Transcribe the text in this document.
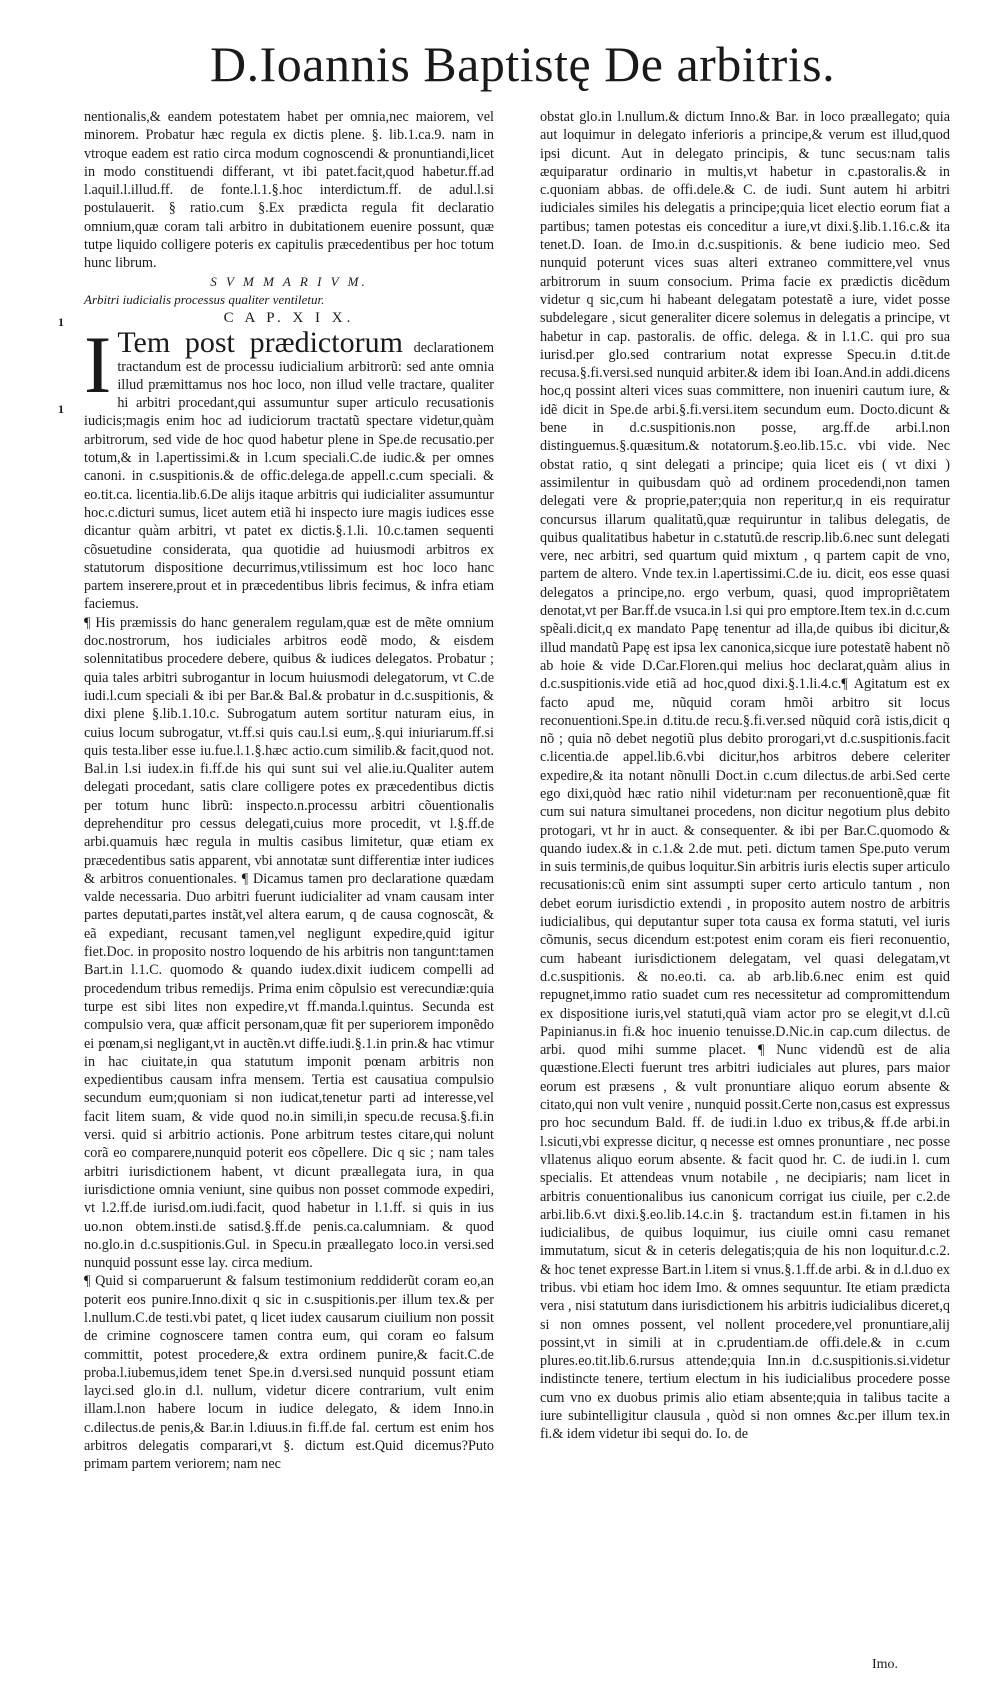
D.Ioannis Baptistę De arbitris.
1
1

nentionalis,& eandem potestatem habet per omnia,nec maiorem, vel minorem. Probatur hæc regula ex dictis plene. §. lib.1.ca.9. nam in vtroque eadem est ratio circa modum cognoscendi & pronuntiandi,licet in modo constituendi differant, vt ibi patet.facit,quod habetur.ff.ad l.aquil.l.illud.ff. de fonte.l.1.§.hoc interdictum.ff. de adul.l.si postulauerit. § ratio.cum §.Ex prædicta regula fit declaratio omnium,quæ coram tali arbitro in dubitationem euenire possunt, quæ tutpe liquido colligere poteris ex capitulis præcedentibus per hoc totum hunc librum.

S V M M A R I V M.

Arbitri iudicialis processus qualiter ventiletur.

C A P. X I X.

I Tem post prædictorum declarationem tractandum est de processu iudicialium arbitrorũ: sed ante omnia illud præmittamus nos hoc loco, non illud velle tractare, qualiter hi arbitri procedant,qui assumuntur super articulo recusationis iudicis;magis enim hoc ad iudiciorum tractatũ spectare videtur,quàm arbitrorum, sed vide de hoc quod habetur plene in Spe.de recusatio.per totum,& in l.apertissimi.& in l.cum speciali.C.de iudic.& per omnes canoni. in c.suspitionis.& de offic.delega.de appell.c.cum speciali. & eo.tit.ca. licentia.lib.6.De alijs itaque arbitris qui iudicialiter assumuntur hoc.c.dicturi sumus, licet autem etiã hi inspecto iure magis iudices esse dicantur quàm arbitri, vt patet ex dictis.§.1.li. 10.c.tamen sequenti cõsuetudine considerata, qua quotidie ad huiusmodi arbitros ex statutorum dispositione decurrimus,vtilissimum est hoc loco hanc partem inserere,prout et in præcedentibus libris fecimus, & infra etiam faciemus.

¶ His præmissis do hanc generalem regulam,quæ est de mẽte omnium doc.nostrorum, hos iudiciales arbitros eodẽ modo, & eisdem solennitatibus procedere debere, quibus & iudices delegatos. Probatur ; quia tales arbitri subrogantur in locum huiusmodi delegatorum, vt C.de iudi.l.cum speciali & ibi per Bar.& Bal.& probatur in d.c.suspitionis, & dixi plene §.lib.1.10.c. Subrogatum autem sortitur naturam eius, in cuius locum subrogatur, vt.ff.si quis cau.l.si eum,.§.qui iniuriarum.ff.si quis testa.liber esse iu.fue.l.1.§.hæc actio.cum similib.& facit,quod not. Bal.in l.si iudex.in fi.ff.de his qui sunt sui vel alie.iu.Qualiter autem delegati procedant, satis clare colligere potes ex præcedentibus dictis per totum hunc librũ: inspecto.n.processu arbitri cõuentionalis deprehenditur pro cessus delegati,cuius more procedit, vt l.§.ff.de arbi.quamuis hæc regula in multis casibus limitetur, quæ etiam ex præcedentibus satis apparent, vbi annotatæ sunt differentiæ inter iudices & arbitros conuentionales. ¶ Dicamus tamen pro declaratione quædam valde necessaria. Duo arbitri fuerunt iudicialiter ad vnam causam inter partes deputati,partes instãt,vel altera earum, q de causa cognoscãt, & eã expediant, recusant tamen,vel negligunt expedire,quid igitur fiet.Doc. in proposito nostro loquendo de his arbitris non tangunt:tamen Bart.in l.1.C. quomodo & quando iudex.dixit iudicem compelli ad procedendum tribus remedijs. Prima enim cõpulsio est verecundiæ:quia turpe est sibi lites non expedire,vt ff.manda.l.quintus. Secunda est compulsio vera, quæ afficit personam,quæ fit per superiorem imponẽdo ei pœnam,si negligant,vt in auctẽn.vt diffe.iudi.§.1.in prin.& hac vtimur in hac ciuitate,in qua statutum imponit pœnam arbitris non expedientibus causam infra mensem. Tertia est causatiua compulsio secundum eum;quoniam si non iudicat,tenetur parti ad interesse,vel facit litem suam, & vide quod no.in simili,in specu.de recusa.§.fi.in versi. quid si arbitrio actionis. Pone arbitrum testes citare,qui nolunt corã eo comparere,nunquid poterit eos cõpellere. Dic q sic ; nam tales arbitri iurisdictionem habent, vt dicunt præallegata iura, in qua iurisdictione omnia veniunt, sine quibus non posset commode expediri, vt l.2.ff.de iurisd.om.iudi.facit, quod habetur in l.1.ff. si quis in ius uo.non obtem.insti.de satisd.§.ff.de penis.ca.calumniam. & quod no.glo.in d.c.suspitionis.Gul. in Specu.in præallegato loco.in versi.sed nunquid possunt esse lay. circa medium.

¶ Quid si comparuerunt & falsum testimonium reddiderũt coram eo,an poterit eos punire.Inno.dixit q sic in c.suspitionis.per illum tex.& per l.nullum.C.de testi.vbi patet, q licet iudex causarum ciuilium non possit de crimine cognoscere tamen contra eum, qui coram eo falsum committit, potest procedere,& extra ordinem punire,& facit.C.de proba.l.iubemus,idem tenet Spe.in d.versi.sed nunquid possunt etiam layci.sed glo.in d.l. nullum, videtur dicere contrarium, vult enim illam.l.non habere locum in iudice delegato, & idem Inno.in c.dilectus.de penis,& Bar.in l.diuus.in fi.ff.de fal. certum est enim hos arbitros delegatis comparari,vt §. dictum est.Quid dicemus?Puto primam partem veriorem; nam nec

obstat glo.in l.nullum.& dictum Inno.& Bar. in loco præallegato; quia aut loquimur in delegato inferioris a principe,& verum est illud,quod ipsi dicunt. Aut in delegato principis, & tunc secus:nam talis æquiparatur ordinario in multis,vt habetur in c.pastoralis.& in c.quoniam abbas. de offi.dele.& C. de iudi. Sunt autem hi arbitri iudiciales similes his delegatis a principe;quia licet electio eorum fiat a partibus; tamen potestas eis conceditur a iure,vt dixi.§.lib.1.16.c.& ita tenet.D. Ioan. de Imo.in d.c.suspitionis. & bene iudicio meo. Sed nunquid poterunt vices suas alteri extraneo committere,vel vnus arbitrorum in suum consocium. Prima facie ex prædictis dicẽdum videtur q sic,cum hi habeant delegatam potestatẽ a iure, videt posse subdelegare , sicut generaliter dicere solemus in delegatis a principe, vt habetur in cap. pastoralis. de offic. delega. & in l.1.C. qui pro sua iurisd.per glo.sed contrarium notat expresse Specu.in d.tit.de recusa.§.fi.versi.sed nunquid arbiter.& idem ibi Ioan.And.in addi.dicens hoc,q possint alteri vices suas committere, non inueniri cautum iure, & idẽ dicit in Spe.de arbi.§.fi.versi.item secundum eum. Docto.dicunt & bene in d.c.suspitionis.non posse, arg.ff.de arbi.l.non distinguemus.§.quæsitum.& notatorum.§.eo.lib.15.c. vbi vide. Nec obstat ratio, q sint delegati a principe; quia licet eis ( vt dixi ) assimilentur in quibusdam quò ad ordinem procedendi,non tamen delegati vere & proprie,pater;quia non reperitur,q in eis requiratur concursus illarum qualitatũ,quæ requiruntur in talibus delegatis, de quibus qualitatibus habetur in c.statutũ.de rescrip.lib.6.nec sunt delegati vere, nec arbitri, sed quartum quid mixtum , q partem capit de vno, partem de altero. Vnde tex.in l.apertissimi.C.de iu. dicit, eos esse quasi delegatos a principe,no. ergo verbum, quasi, quod impropriẽtatem denotat,vt per Bar.ff.de vsuca.in l.si qui pro emptore.Item tex.in d.c.cum spẽali.dicit,q ex mandato Papę tenentur ad illa,de quibus ibi dicitur,& illud mandatũ Papę est ipsa lex canonica,sicque iure potestatẽ habent nõ ab hoie & vide D.Car.Floren.qui melius hoc declarat,quàm alius in d.c.suspitionis.vide etiã ad hoc,quod dixi.§.1.li.4.c.¶ Agitatum est ex facto apud me, nũquid coram hmõi arbitro sit locus reconuentioni.Spe.in d.titu.de recu.§.fi.ver.sed nũquid corã istis,dicit q nõ ; quia nõ debet negotiũ plus debito prorogari,vt d.c.suspitionis.facit c.licentia.de appel.lib.6.vbi dicitur,hos arbitros debere celeriter expedire,& ita notant nõnulli Doct.in c.cum dilectus.de arbi.Sed certe ego dixi,quòd hæc ratio nihil videtur:nam per reconuentionẽ,quæ fit cum sui natura simultanei procedens, non dicitur negotium plus debito protogari, vt hr in auct. & consequenter. & ibi per Bar.C.quomodo & quando iudex.& in c.1.& 2.de mut. peti. dictum tamen Spe.puto verum in suis terminis,de quibus loquitur.Sin arbitris iuris electis super articulo recusationis:cũ enim sint assumpti super certo articulo tantum , non debet eorum iurisdictio extendi , in proposito autem nostro de arbitris iudicialibus, qui deputantur super tota causa ex forma statuti, vel iuris cõmunis, secus dicendum est:potest enim coram eis fieri reconuentio, cum habeant iurisdictionem delegatam, vel quasi delegatam,vt d.c.suspitionis. & no.eo.ti. ca. ab arb.lib.6.nec enim est quid repugnet,immo ratio suadet cum res necessitetur ad compromittendum ex dispositione iuris,vel statuti,quã viam actor pro se elegit,vt d.l.cũ Papinianus.in fi.& hoc inuenio tenuisse.D.Nic.in cap.cum dilectus. de arbi. quod mihi summe placet. ¶ Nunc videndũ est de alia quæstione.Electi fuerunt tres arbitri iudiciales aut plures, pars maior eorum est præsens , & vult pronuntiare aliquo eorum absente & citato,qui non vult venire , nunquid possit.Certe non,casus est expressus pro hoc secundum Bald. ff. de iudi.in l.duo ex tribus,& ff.de arbi.in l.sicuti,vbi expresse dicitur, q necesse est omnes pronuntiare , nec posse vllatenus aliquo eorum absente. & facit quod hr. C. de iudi.in l. cum specialis. Et attendeas vnum notabile , ne decipiaris; nam licet in arbitris conuentionalibus ius canonicum corrigat ius ciuile, per c.2.de arbi.lib.6.vt dixi.§.eo.lib.14.c.in §. tractandum est.in fi.tamen in his iudicialibus, de quibus loquimur, ius ciuile omni casu remanet immutatum, sicut & in ceteris delegatis;quia de his non loquitur.d.c.2. & hoc tenet expresse Bart.in l.item si vnus.§.1.ff.de arbi. & in d.l.duo ex tribus. vbi etiam hoc idem Imo. & omnes sequuntur. Ite etiam prædicta vera , nisi statutum dans iurisdictionem his arbitris iudicialibus diceret,q si non omnes possent, vel nollent procedere,vel pronuntiare,alij possint,vt in simili at in c.prudentiam.de offi.dele.& in c.cum plures.eo.tit.lib.6.rursus attende;quia Inn.in d.c.suspitionis.si.videtur indistincte tenere, tertium electum in his iudicialibus procedere posse cum vno ex duobus primis alio etiam absente;quia in talibus tacite a iure subintelligitur clausula , quòd si non omnes &c.per illum tex.in fi.& idem videtur ibi sequi do. Io. de

Imo.
